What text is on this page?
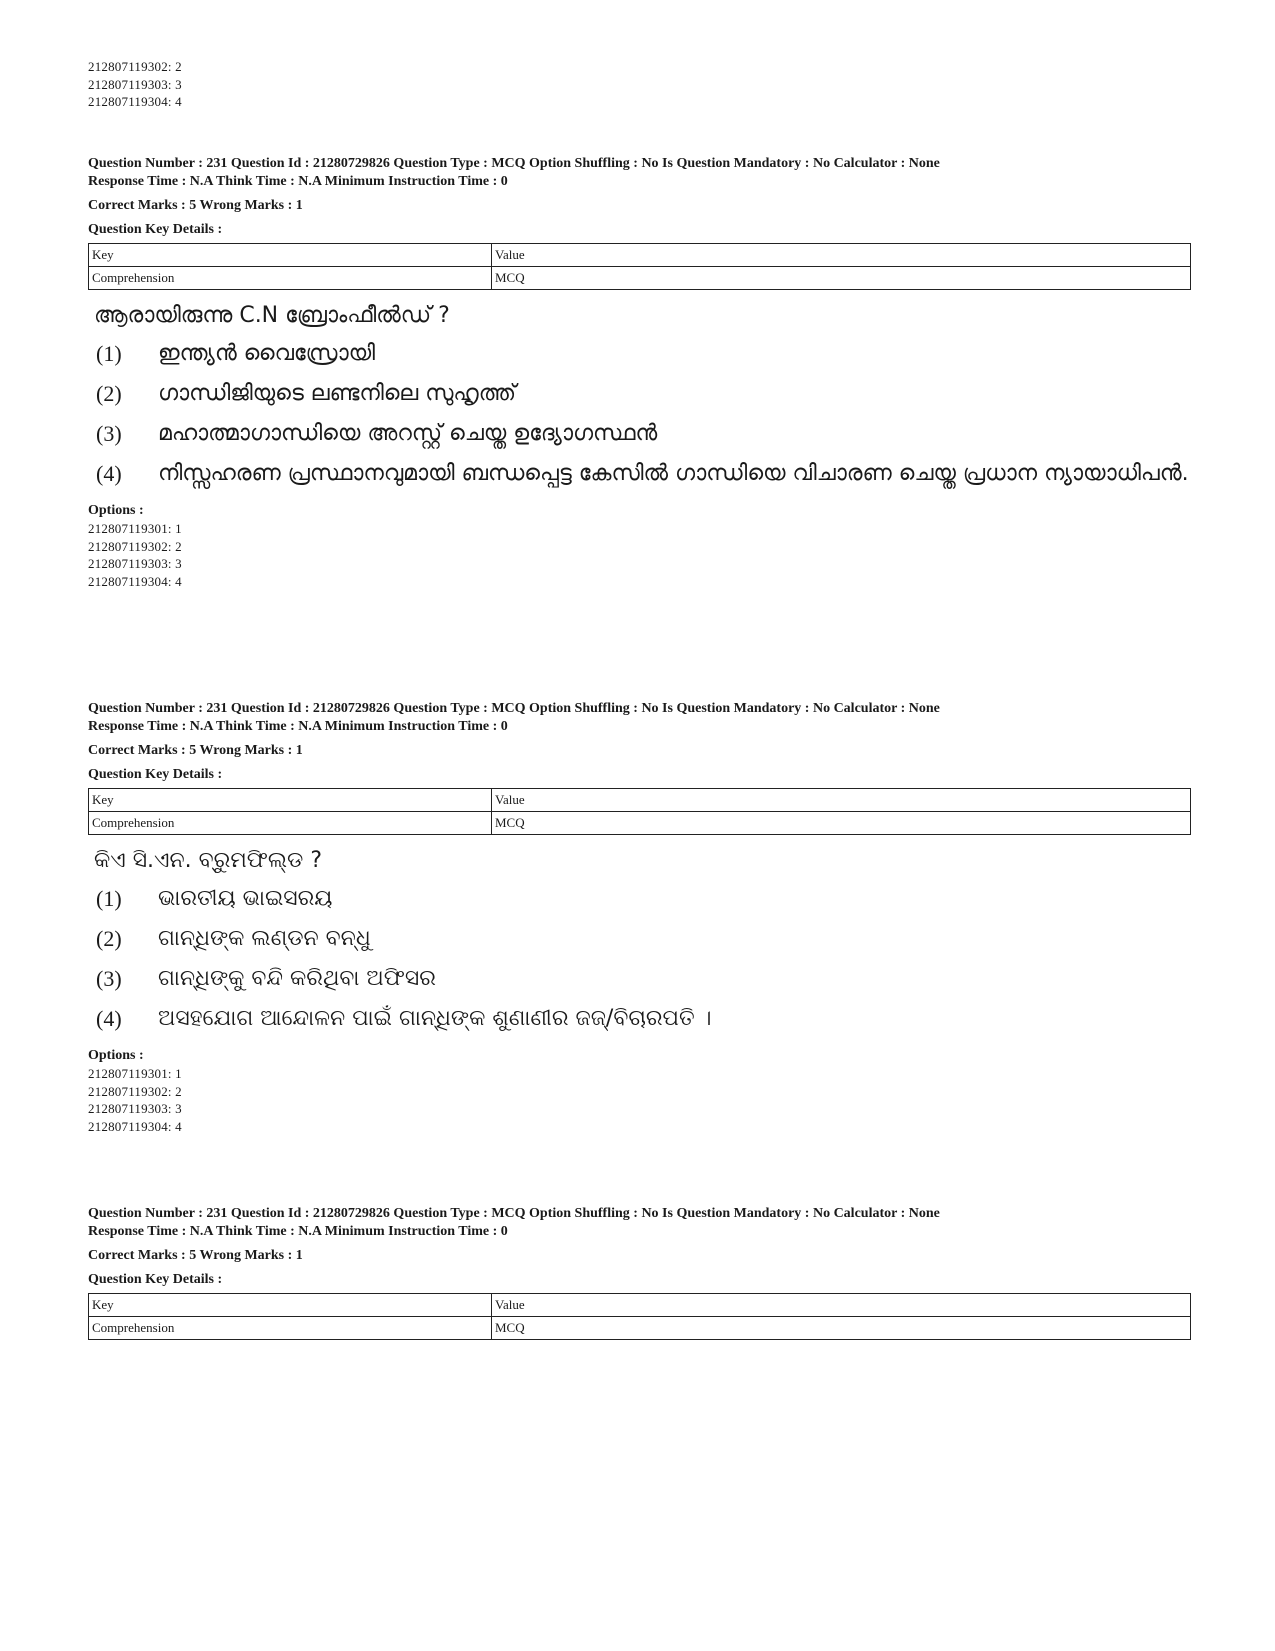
212807119302: 2
212807119303: 3
212807119304: 4
Question Number : 231 Question Id : 21280729826 Question Type : MCQ Option Shuffling : No Is Question Mandatory : No Calculator : None
Response Time : N.A Think Time : N.A Minimum Instruction Time : 0
Correct Marks : 5 Wrong Marks : 1
Question Key Details :
Key	Value
Comprehension	MCQ
ആരായിരുന്നു C.N ബ്രോംഫീൽഡ് ?
(1)	ഇന്ത്യൻ വൈസ്രോയി
(2)	ഗാന്ധിജിയുടെ ലണ്ടനിലെ സുഹൃത്ത്
(3)	മഹാത്മാഗാന്ധിയെ അറസ്റ്റ് ചെയ്ത ഉദ്യോഗസ്ഥൻ
(4)	നിസ്സഹരണ പ്രസ്ഥാനവുമായി ബന്ധപ്പെട്ട കേസിൽ ഗാന്ധിയെ വിചാരണ ചെയ്ത പ്രധാന ന്യായാധിപൻ.
Options :
212807119301: 1
212807119302: 2
212807119303: 3
212807119304: 4
Question Number : 231 Question Id : 21280729826 Question Type : MCQ Option Shuffling : No Is Question Mandatory : No Calculator : None
Response Time : N.A Think Time : N.A Minimum Instruction Time : 0
Correct Marks : 5 Wrong Marks : 1
Question Key Details :
Key	Value
Comprehension	MCQ
କିଏ ସି.ଏନ. ବ୍ରୁମଫିଲ୍ଡ ?
(1)	ଭାରତୀୟ ଭାଇସରୟ
(2)	ଗାନ୍ଧିଙ୍କ ଲଣ୍ଡନ ବନ୍ଧୁ
(3)	ଗାନ୍ଧିଙ୍କୁ ବନ୍ଦି କରିଥିବା ଅଫିସର
(4)	ଅସହଯୋଗ ଆନ୍ଦୋଳନ ପାଇଁ ଗାନ୍ଧିଙ୍କ ଶୁଣାଣୀର ଜଜ୍/ବିଚାରପତି ।
Options :
212807119301: 1
212807119302: 2
212807119303: 3
212807119304: 4
Question Number : 231 Question Id : 21280729826 Question Type : MCQ Option Shuffling : No Is Question Mandatory : No Calculator : None
Response Time : N.A Think Time : N.A Minimum Instruction Time : 0
Correct Marks : 5 Wrong Marks : 1
Question Key Details :
Key	Value
Comprehension	MCQ
